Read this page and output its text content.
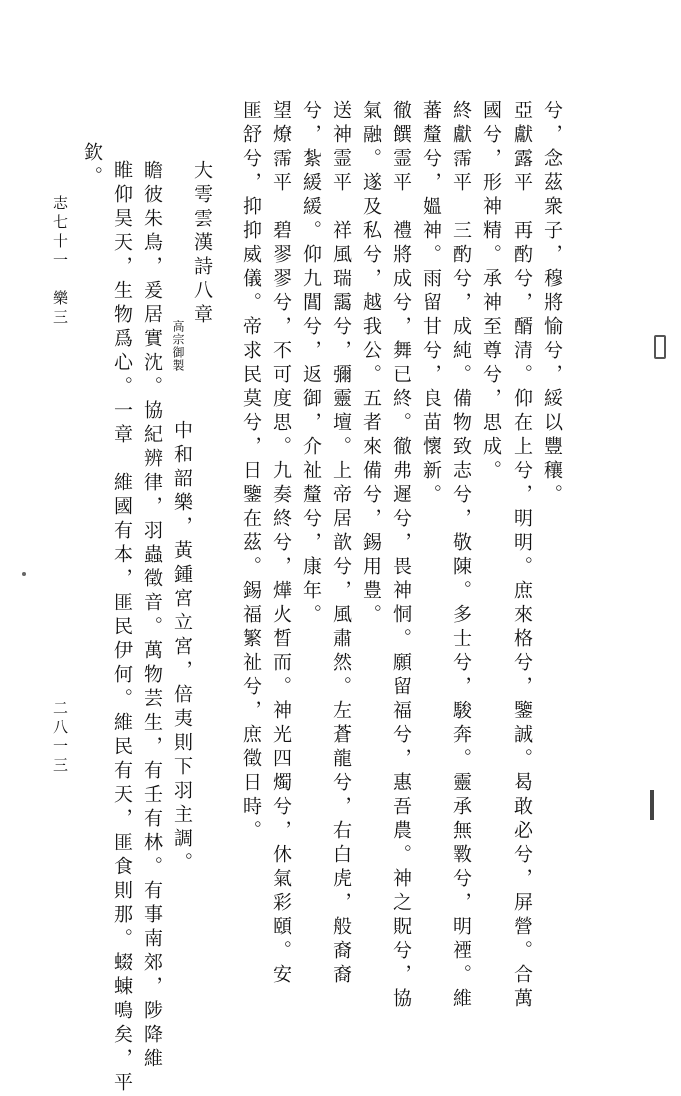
兮，念茲衆子，穆將愉兮，綏以豐穰。
亞獻露平　再酌兮，醑清。仰在上兮，明明。庶來格兮，鑒誠。曷敢必兮，屏營。合萬
國兮，形神精。承神至尊兮，思成。
終獻霈平　三酌兮，成純。備物致志兮，敬陳。多士兮，駿奔。靈承無斁兮，明禋。維
蕃釐兮，媼神。雨留甘兮，良苗懷新。
徹饌霊平　禮將成兮，舞已終。徹弗遲兮，畏神恫。願留福兮，惠吾農。神之貺兮，協
氣融。遂及私兮，越我公。五者來備兮，錫用豊。
送神霊平　祥風瑞靄兮，彌靈壇。上帝居歆兮，風肅然。左蒼龍兮，右白虎，般裔裔
兮，紮緩緩。仰九閶兮，返御，介祉釐兮，康年。
望燎霈平　碧翏翏兮，不可度思。九奏終兮，燁火晳而。神光四燭兮，休氣彩頤。安
匪舒兮，抑抑威儀。帝求民莫兮，日鑒在茲。錫福繁祉兮，庶徵日時。
大雩雲漢詩八章
高宗御製
中和韶樂，黃鍾宮立宮，倍夷則下羽主調。
瞻彼朱鳥，爰居實沈。協紀辨律，羽蟲徵音。萬物芸生，有壬有林。有事南郊，陟降維
睢仰昊天，生物爲心。一章　維國有本，匪民伊何。維民有天，匪食則那。蝃蝀鳴矣，平
欽。
志七十一　樂三
二八一三
